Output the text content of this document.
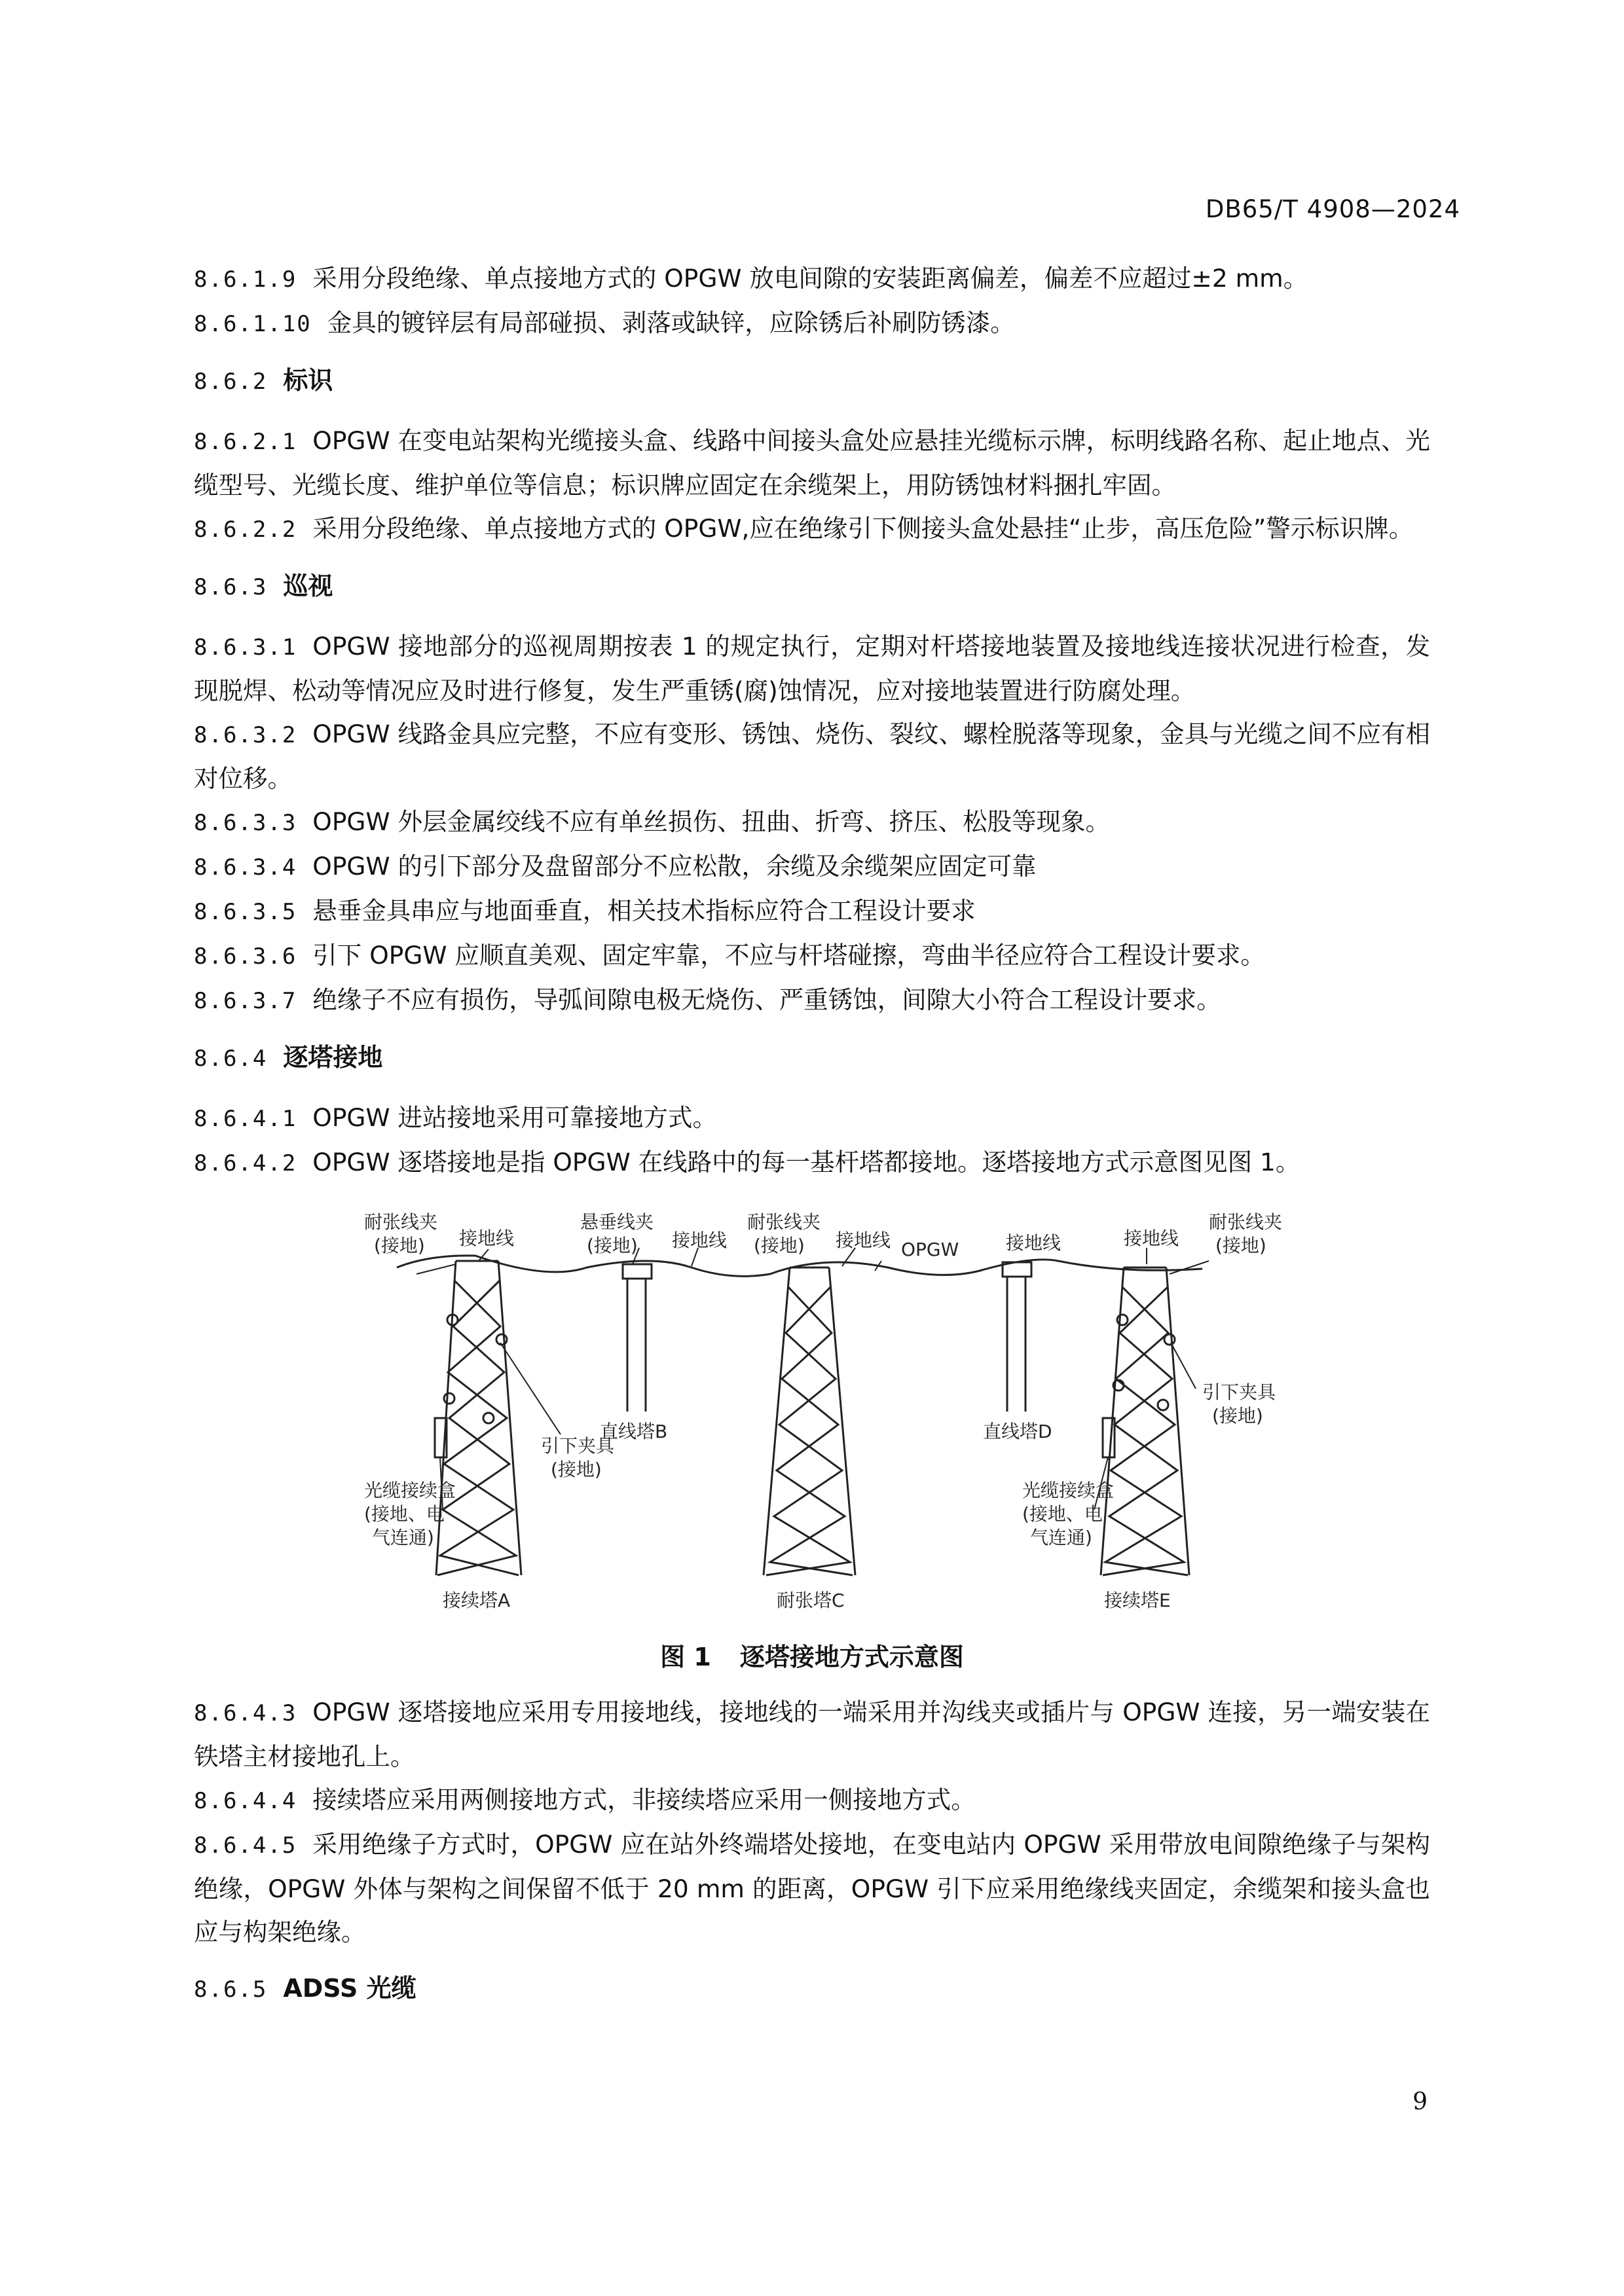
DB65/T 4908—2024

8.6.1.9 采用分段绝缘、单点接地方式的 OPGW 放电间隙的安装距离偏差，偏差不应超过±2 mm。

8.6.1.10 金具的镀锌层有局部碰损、剥落或缺锌，应除锈后补刷防锈漆。

8.6.2 标识

8.6.2.1 OPGW 在变电站架构光缆接头盒、线路中间接头盒处应悬挂光缆标示牌，标明线路名称、起止地点、光缆型号、光缆长度、维护单位等信息；标识牌应固定在余缆架上，用防锈蚀材料捆扎牢固。

8.6.2.2 采用分段绝缘、单点接地方式的 OPGW,应在绝缘引下侧接头盒处悬挂“止步，高压危险”警示标识牌。

8.6.3 巡视

8.6.3.1 OPGW 接地部分的巡视周期按表 1 的规定执行，定期对杆塔接地装置及接地线连接状况进行检查，发现脱焊、松动等情况应及时进行修复，发生严重锈(腐)蚀情况，应对接地装置进行防腐处理。

8.6.3.2 OPGW 线路金具应完整，不应有变形、锈蚀、烧伤、裂纹、螺栓脱落等现象，金具与光缆之间不应有相对位移。

8.6.3.3 OPGW 外层金属绞线不应有单丝损伤、扭曲、折弯、挤压、松股等现象。

8.6.3.4 OPGW 的引下部分及盘留部分不应松散，余缆及余缆架应固定可靠

8.6.3.5 悬垂金具串应与地面垂直，相关技术指标应符合工程设计要求

8.6.3.6 引下 OPGW 应顺直美观、固定牢靠，不应与杆塔碰擦，弯曲半径应符合工程设计要求。

8.6.3.7 绝缘子不应有损伤，导弧间隙电极无烧伤、严重锈蚀，间隙大小符合工程设计要求。

8.6.4 逐塔接地

8.6.4.1 OPGW 进站接地采用可靠接地方式。

8.6.4.2 OPGW 逐塔接地是指 OPGW 在线路中的每一基杆塔都接地。逐塔接地方式示意图见图 1。

耐张线夹
(接地) 接地线
悬垂线夹
(接地) 接地线
耐张线夹
(接地) 接地线 OPGW	接地线	接地线
耐张线夹
(接地)
直线塔B	直线塔D
引下夹具
(接地)
引下夹具
(接地)
光缆接续盒
(接地、电
气连通)
光缆接续盒
(接地、电
气连通)
接续塔A	耐张塔C	接续塔E
图 1 逐塔接地方式示意图

8.6.4.3 OPGW 逐塔接地应采用专用接地线，接地线的一端采用并沟线夹或插片与 OPGW 连接，另一端安装在铁塔主材接地孔上。

8.6.4.4 接续塔应采用两侧接地方式，非接续塔应采用一侧接地方式。

8.6.4.5 采用绝缘子方式时，OPGW 应在站外终端塔处接地，在变电站内 OPGW 采用带放电间隙绝缘子与架构绝缘，OPGW 外体与架构之间保留不低于 20 mm 的距离，OPGW 引下应采用绝缘线夹固定，余缆架和接头盒也应与构架绝缘。

8.6.5 ADSS 光缆
9
